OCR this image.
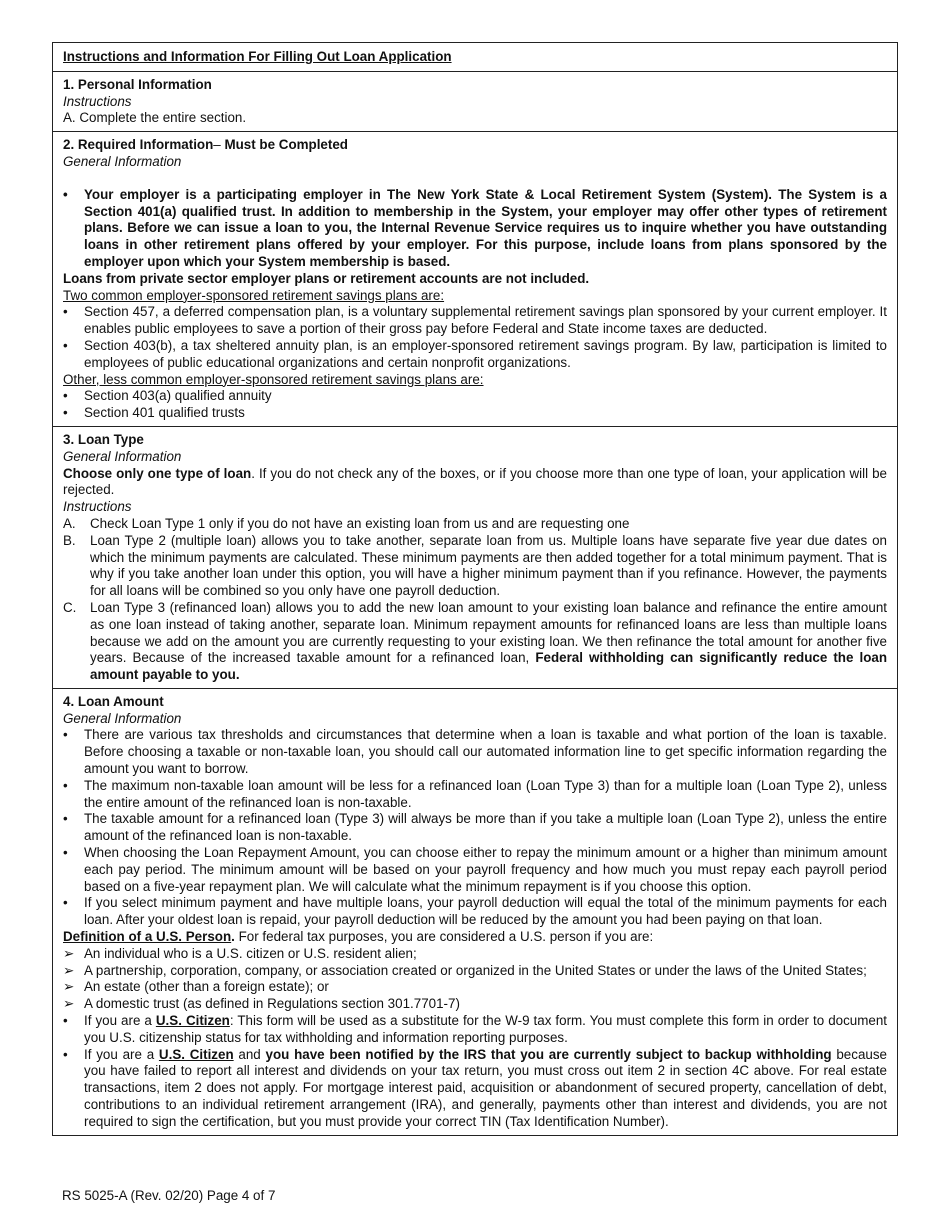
Instructions and Information For Filling Out Loan Application
1. Personal Information
Instructions
A. Complete the entire section.
2. Required Information– Must be Completed
General Information
• Your employer is a participating employer in The New York State & Local Retirement System (System). The System is a Section 401(a) qualified trust. In addition to membership in the System, your employer may offer other types of retirement plans. Before we can issue a loan to you, the Internal Revenue Service requires us to inquire whether you have outstanding loans in other retirement plans offered by your employer. For this purpose, include loans from plans sponsored by the employer upon which your System membership is based.
Loans from private sector employer plans or retirement accounts are not included.
Two common employer-sponsored retirement savings plans are:
• Section 457, a deferred compensation plan, is a voluntary supplemental retirement savings plan sponsored by your current employer. It enables public employees to save a portion of their gross pay before Federal and State income taxes are deducted.
• Section 403(b), a tax sheltered annuity plan, is an employer-sponsored retirement savings program. By law, participation is limited to employees of public educational organizations and certain nonprofit organizations.
Other, less common employer-sponsored retirement savings plans are:
• Section 403(a) qualified annuity
• Section 401 qualified trusts
3. Loan Type
General Information
Choose only one type of loan. If you do not check any of the boxes, or if you choose more than one type of loan, your application will be rejected.
Instructions
A. Check Loan Type 1 only if you do not have an existing loan from us and are requesting one
B. Loan Type 2 (multiple loan) allows you to take another, separate loan from us. Multiple loans have separate five year due dates on which the minimum payments are calculated. These minimum payments are then added together for a total minimum payment. That is why if you take another loan under this option, you will have a higher minimum payment than if you refinance. However, the payments for all loans will be combined so you only have one payroll deduction.
C. Loan Type 3 (refinanced loan) allows you to add the new loan amount to your existing loan balance and refinance the entire amount as one loan instead of taking another, separate loan. Minimum repayment amounts for refinanced loans are less than multiple loans because we add on the amount you are currently requesting to your existing loan. We then refinance the total amount for another five years. Because of the increased taxable amount for a refinanced loan, Federal withholding can significantly reduce the loan amount payable to you.
4. Loan Amount
General Information
• There are various tax thresholds and circumstances that determine when a loan is taxable and what portion of the loan is taxable. Before choosing a taxable or non-taxable loan, you should call our automated information line to get specific information regarding the amount you want to borrow.
• The maximum non-taxable loan amount will be less for a refinanced loan (Loan Type 3) than for a multiple loan (Loan Type 2), unless the entire amount of the refinanced loan is non-taxable.
• The taxable amount for a refinanced loan (Type 3) will always be more than if you take a multiple loan (Loan Type 2), unless the entire amount of the refinanced loan is non-taxable.
• When choosing the Loan Repayment Amount, you can choose either to repay the minimum amount or a higher than minimum amount each pay period. The minimum amount will be based on your payroll frequency and how much you must repay each payroll period based on a five-year repayment plan. We will calculate what the minimum repayment is if you choose this option.
• If you select minimum payment and have multiple loans, your payroll deduction will equal the total of the minimum payments for each loan. After your oldest loan is repaid, your payroll deduction will be reduced by the amount you had been paying on that loan.
Definition of a U.S. Person. For federal tax purposes, you are considered a U.S. person if you are:
➢ An individual who is a U.S. citizen or U.S. resident alien;
➢ A partnership, corporation, company, or association created or organized in the United States or under the laws of the United States;
➢ An estate (other than a foreign estate); or
➢ A domestic trust (as defined in Regulations section 301.7701-7)
• If you are a U.S. Citizen: This form will be used as a substitute for the W-9 tax form. You must complete this form in order to document you U.S. citizenship status for tax withholding and information reporting purposes.
• If you are a U.S. Citizen and you have been notified by the IRS that you are currently subject to backup withholding because you have failed to report all interest and dividends on your tax return, you must cross out item 2 in section 4C above. For real estate transactions, item 2 does not apply. For mortgage interest paid, acquisition or abandonment of secured property, cancellation of debt, contributions to an individual retirement arrangement (IRA), and generally, payments other than interest and dividends, you are not required to sign the certification, but you must provide your correct TIN (Tax Identification Number).
RS 5025-A (Rev. 02/20) Page 4 of 7
